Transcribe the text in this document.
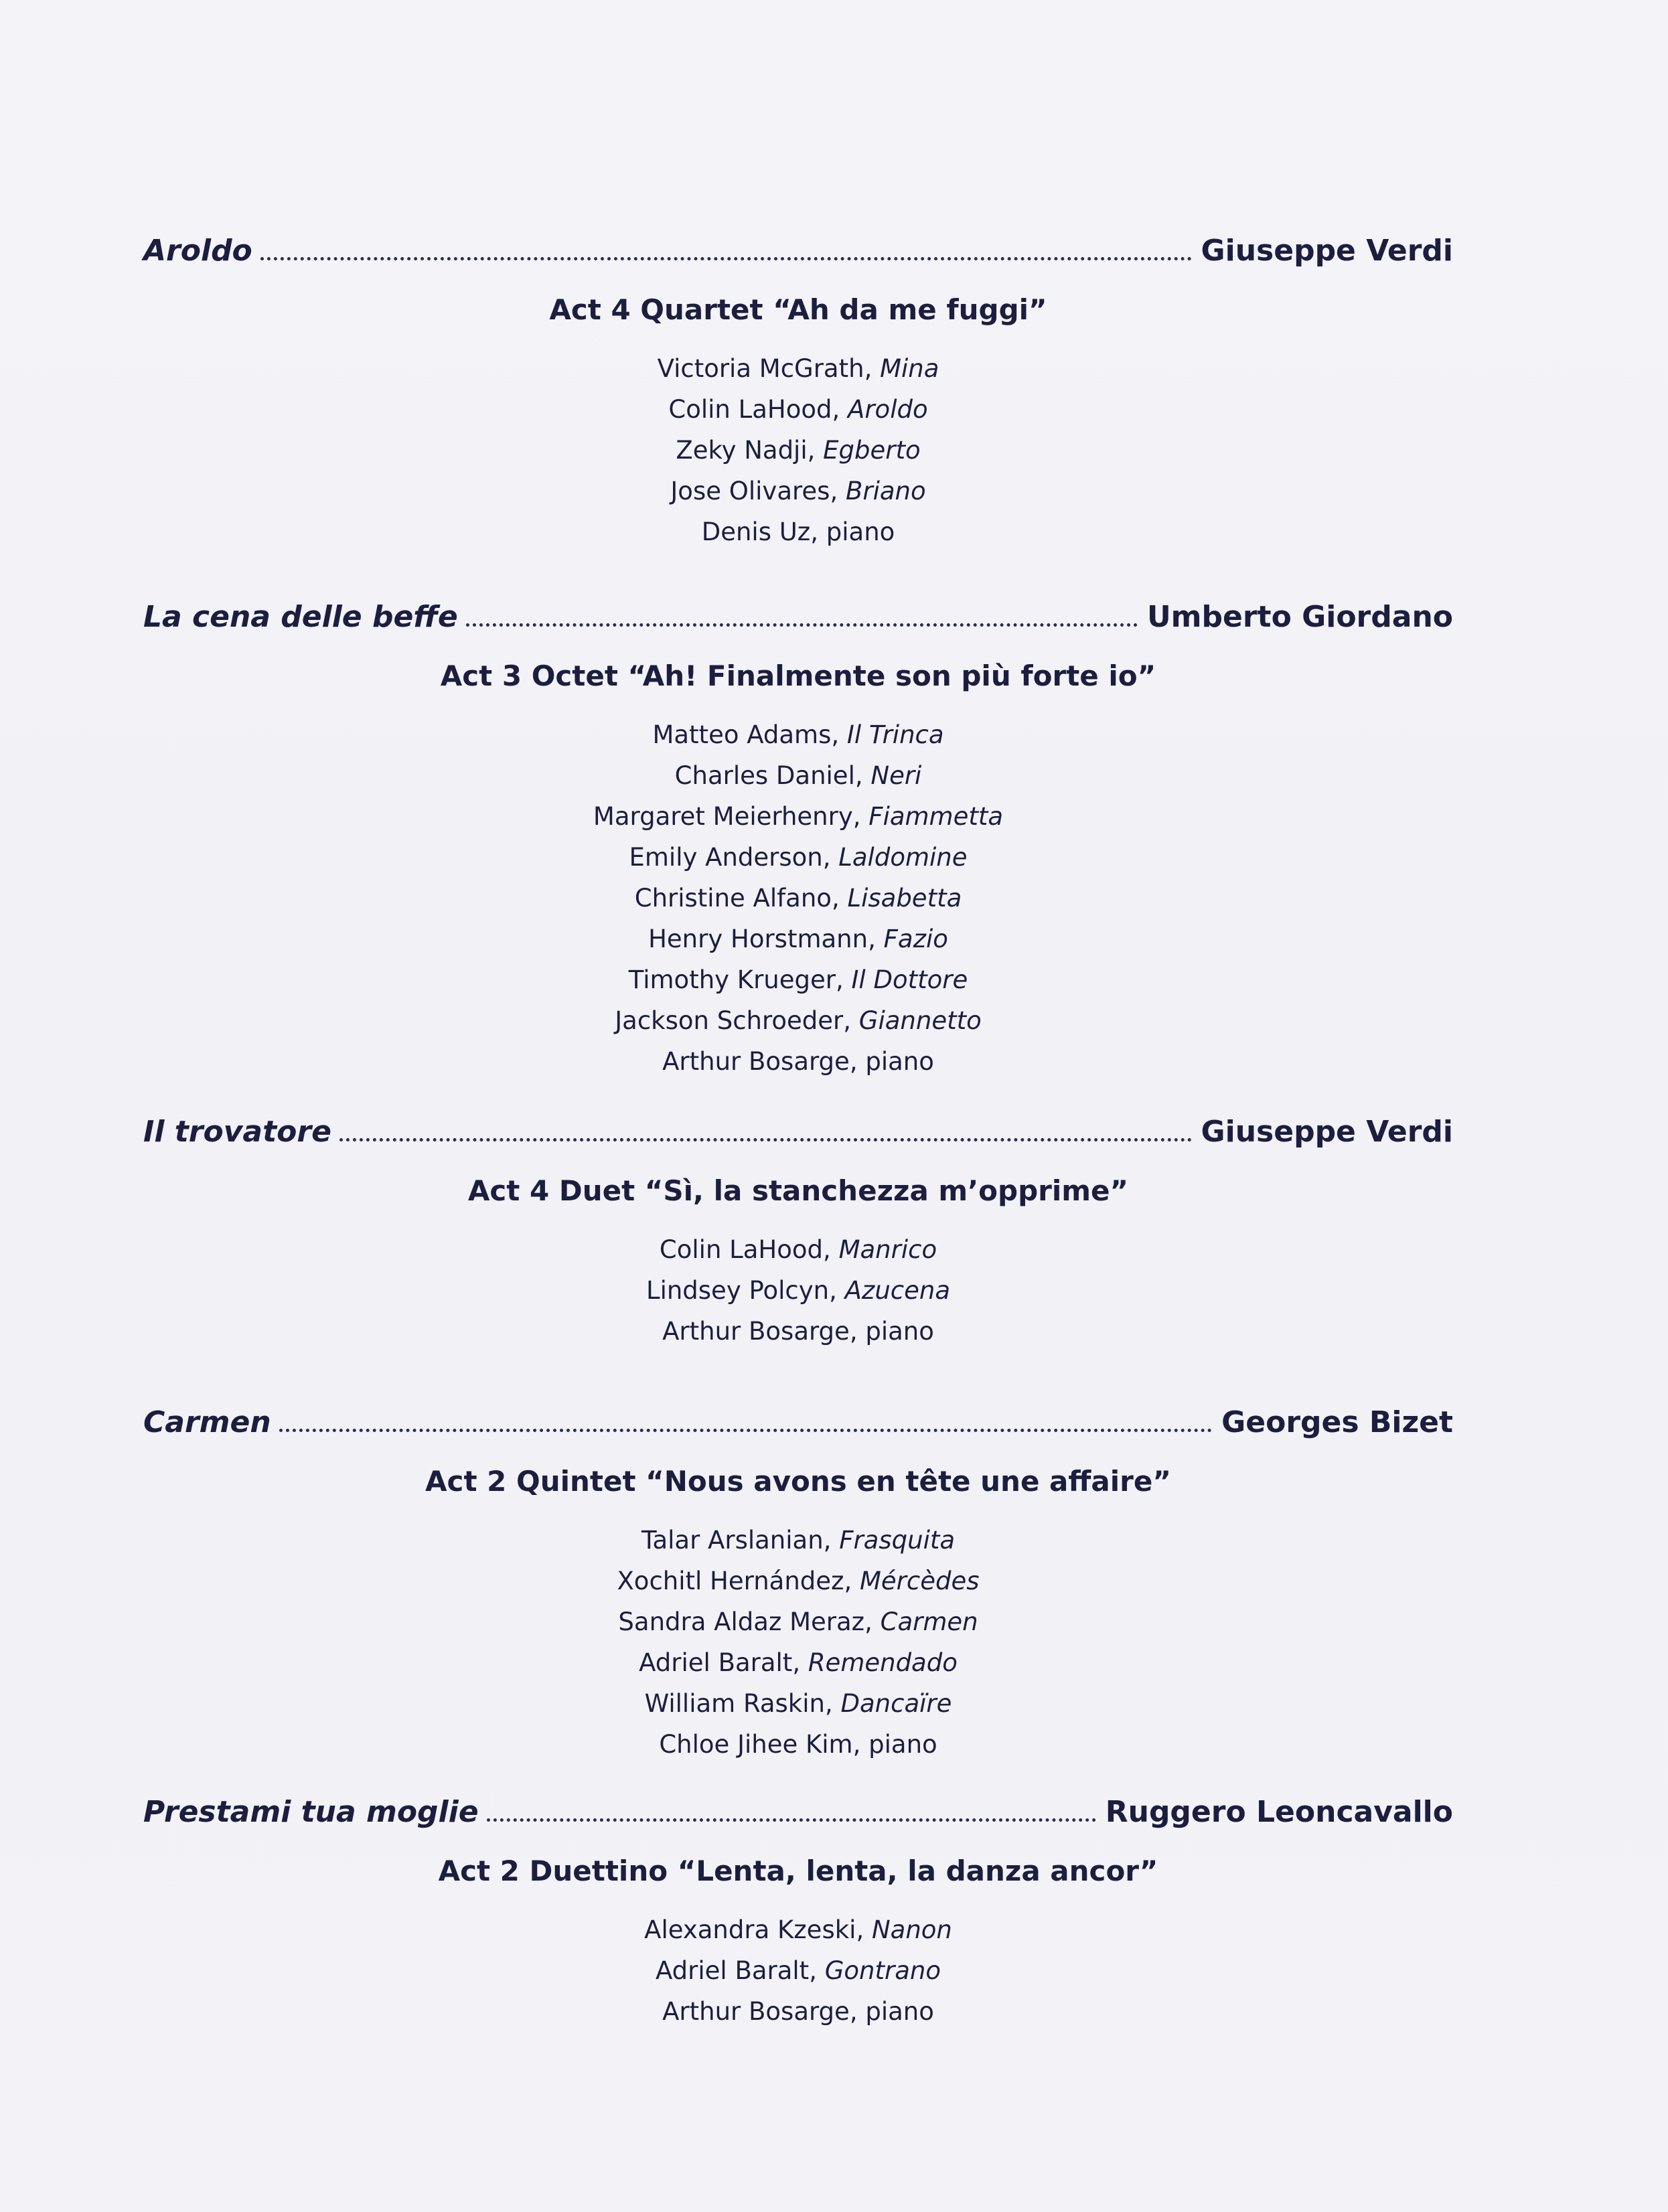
Aroldo	Giuseppe Verdi
Act 4 Quartet “Ah da me fuggi”
Victoria McGrath, Mina
Colin LaHood, Aroldo
Zeky Nadji, Egberto
Jose Olivares, Briano
Denis Uz, piano
La cena delle beffe	Umberto Giordano
Act 3 Octet “Ah! Finalmente son più forte io”
Matteo Adams, Il Trinca
Charles Daniel, Neri
Margaret Meierhenry, Fiammetta
Emily Anderson, Laldomine
Christine Alfano, Lisabetta
Henry Horstmann, Fazio
Timothy Krueger, Il Dottore
Jackson Schroeder, Giannetto
Arthur Bosarge, piano
Il trovatore	Giuseppe Verdi
Act 4 Duet “Sì, la stanchezza m’opprime”
Colin LaHood, Manrico
Lindsey Polcyn, Azucena
Arthur Bosarge, piano
Carmen	Georges Bizet
Act 2 Quintet “Nous avons en tête une affaire”
Talar Arslanian, Frasquita
Xochitl Hernández, Mércèdes
Sandra Aldaz Meraz, Carmen
Adriel Baralt, Remendado
William Raskin, Dancaïre
Chloe Jihee Kim, piano
Prestami tua moglie	Ruggero Leoncavallo
Act 2 Duettino “Lenta, lenta, la danza ancor”
Alexandra Kzeski, Nanon
Adriel Baralt, Gontrano
Arthur Bosarge, piano
